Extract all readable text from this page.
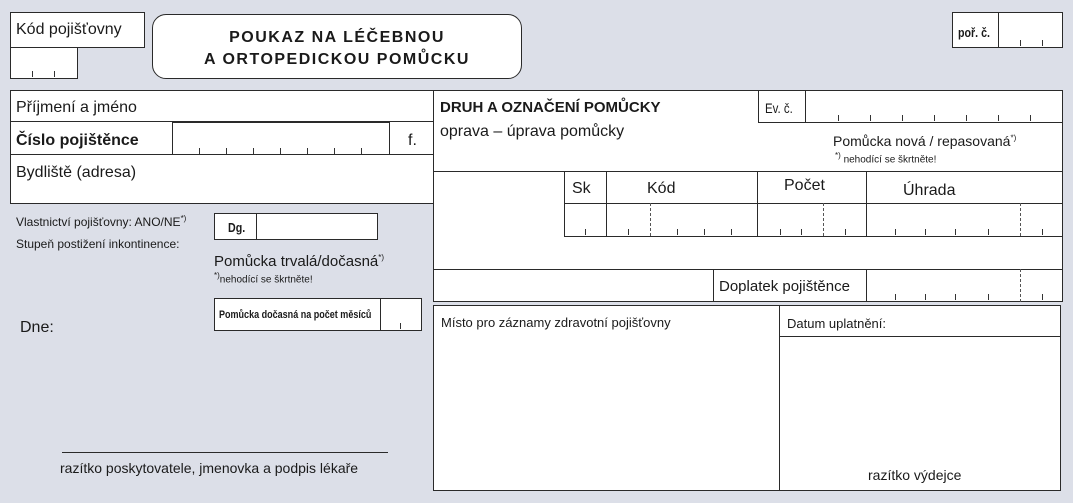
Kód pojišťovny	POUKAZ NA LÉČEBNOU
A ORTOPEDICKOU POMŮCKU
poř. č.
Příjmení a jméno
Číslo pojištěnce	f.
Bydliště (adresa)
DRUH A OZNAČENÍ POMŮCKY	Ev. č.
oprava – úprava pomůcky
Pomůcka nová / repasovaná*)
*) nehodící se škrtněte!
Sk	Kód	Počet	Úhrada
Doplatek pojištěnce
Vlastnictví pojišťovny: ANO/NE*)
Stupeň postižení inkontinence:
Dg.
Pomůcka trvalá/dočasná*)
*)nehodící se škrtněte!
Pomůcka dočasná na počet měsíců
Dne:
razítko poskytovatele, jmenovka a podpis lékaře
Místo pro záznamy zdravotní pojišťovny	Datum uplatnění:
razítko výdejce
